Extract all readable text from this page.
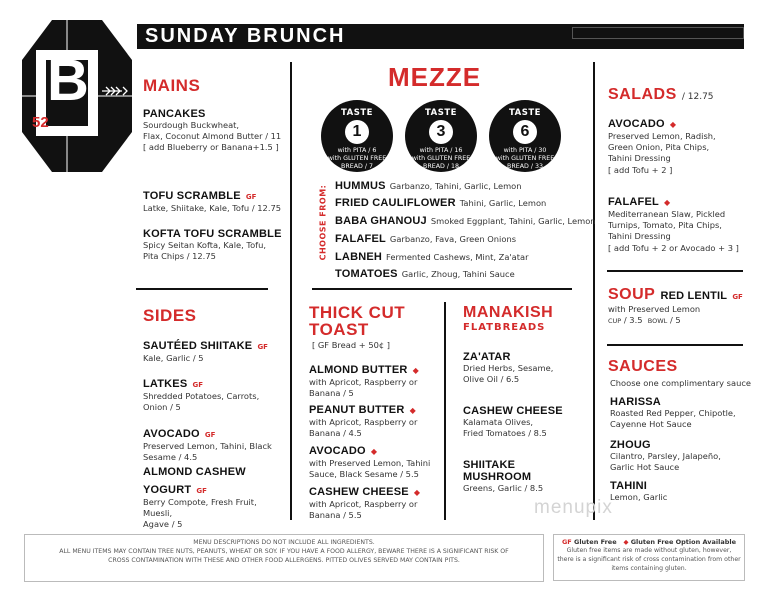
SUNDAY BRUNCH
B
52
MAINS
PANCAKES
Sourdough Buckwheat,
Flax, Coconut Almond Butter / 11
[ add Blueberry or Banana+1.5 ]
TOFU SCRAMBLE GF
Latke, Shiitake, Kale, Tofu / 12.75
KOFTA TOFU SCRAMBLE
Spicy Seitan Kofta, Kale, Tofu,
Pita Chips / 12.75
SIDES
SAUTÉED SHIITAKE GF
Kale, Garlic / 5
LATKES GF
Shredded Potatoes, Carrots,
Onion / 5
AVOCADO GF
Preserved Lemon, Tahini, Black
Sesame / 4.5
ALMOND CASHEW
YOGURT GF
Berry Compote, Fresh Fruit, Muesli,
Agave / 5
MEZZE
TASTE
1
with PITA / 6
with GLUTEN FREE
BREAD / 7
TASTE
3
with PITA / 16
with GLUTEN FREE
BREAD / 18
TASTE
6
with PITA / 30
with GLUTEN FREE
BREAD / 33
CHOOSE FROM: HUMMUS Garbanzo, Tahini, Garlic, Lemon
FRIED CAULIFLOWER Tahini, Garlic, Lemon
BABA GHANOUJ Smoked Eggplant, Tahini, Garlic, Lemon
FALAFEL Garbanzo, Fava, Green Onions
LABNEH Fermented Cashews, Mint, Za'atar
TOMATOES Garlic, Zhoug, Tahini Sauce
THICK CUT
TOAST
[ GF Bread + 50¢ ]
ALMOND BUTTER ◆
with Apricot, Raspberry or
Banana / 5
PEANUT BUTTER ◆
with Apricot, Raspberry or
Banana / 4.5
AVOCADO ◆
with Preserved Lemon, Tahini
Sauce, Black Sesame / 5.5
CASHEW CHEESE ◆
with Apricot, Raspberry or
Banana / 5.5
MANAKISH
FLATBREADS
ZA'ATAR
Dried Herbs, Sesame,
Olive Oil / 6.5
CASHEW CHEESE
Kalamata Olives,
Fried Tomatoes / 8.5
SHIITAKE
MUSHROOM
Greens, Garlic / 8.5
SALADS / 12.75
AVOCADO ◆
Preserved Lemon, Radish,
Green Onion, Pita Chips,
Tahini Dressing
[ add Tofu + 2 ]
FALAFEL ◆
Mediterranean Slaw, Pickled
Turnips, Tomato, Pita Chips,
Tahini Dressing
[ add Tofu + 2 or Avocado + 3 ]
SOUP RED LENTIL GF
with Preserved Lemon
CUP / 3.5 BOWL / 5
SAUCES
Choose one complimentary sauce
HARISSA
Roasted Red Pepper, Chipotle,
Cayenne Hot Sauce
ZHOUG
Cilantro, Parsley, Jalapeño,
Garlic Hot Sauce
TAHINI
Lemon, Garlic
menupix
MENU DESCRIPTIONS DO NOT INCLUDE ALL INGREDIENTS.
ALL MENU ITEMS MAY CONTAIN TREE NUTS, PEANUTS, WHEAT OR SOY. IF YOU HAVE A FOOD ALLERGY, BEWARE THERE IS A SIGNIFICANT RISK OF
CROSS CONTAMINATION WITH THESE AND OTHER FOOD ALLERGENS. PITTED OLIVES SERVED MAY CONTAIN PITS.
GF Gluten Free ◆ Gluten Free Option Available
Gluten free items are made without gluten, however,
there is a significant risk of cross contamination from other
items containing gluten.
